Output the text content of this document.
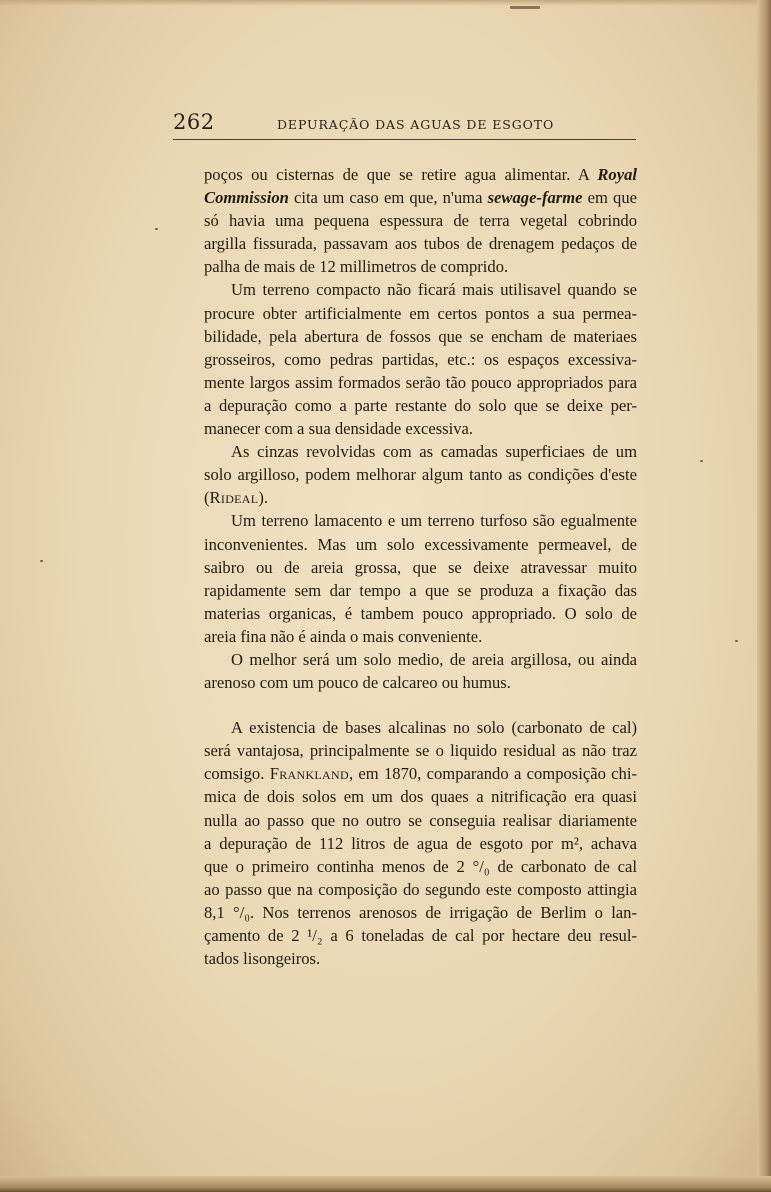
262	DEPURAÇÃO DAS AGUAS DE ESGOTO
poços ou cisternas de que se retire agua alimentar. A Royal
Commission cita um caso em que, n'uma sewage-farme em que
só havia uma pequena espessura de terra vegetal cobrindo
argilla fissurada, passavam aos tubos de drenagem pedaços de
palha de mais de 12 millimetros de comprido.
Um terreno compacto não ficará mais utilisavel quando se
procure obter artificialmente em certos pontos a sua permea-
bilidade, pela abertura de fossos que se encham de materiaes
grosseiros, como pedras partidas, etc.: os espaços excessiva-
mente largos assim formados serão tão pouco appropriados para
a depuração como a parte restante do solo que se deixe per-
manecer com a sua densidade excessiva.
As cinzas revolvidas com as camadas superficiaes de um
solo argilloso, podem melhorar algum tanto as condições d'este
(Rideal).
Um terreno lamacento e um terreno turfoso são egualmente
inconvenientes. Mas um solo excessivamente permeavel, de
saibro ou de areia grossa, que se deixe atravessar muito
rapidamente sem dar tempo a que se produza a fixação das
materias organicas, é tambem pouco appropriado. O solo de
areia fina não é ainda o mais conveniente.
O melhor será um solo medio, de areia argillosa, ou ainda
arenoso com um pouco de calcareo ou humus.
A existencia de bases alcalinas no solo (carbonato de cal)
será vantajosa, principalmente se o liquido residual as não traz
comsigo. Frankland, em 1870, comparando a composição chi-
mica de dois solos em um dos quaes a nitrificação era quasi
nulla ao passo que no outro se conseguia realisar diariamente
a depuração de 112 litros de agua de esgoto por m², achava
que o primeiro continha menos de 2 °/₀ de carbonato de cal
ao passo que na composição do segundo este composto attingia
8,1 °/₀. Nos terrenos arenosos de irrigação de Berlim o lan-
çamento de 2 ¹/₂ a 6 toneladas de cal por hectare deu resul-
tados lisongeiros.
